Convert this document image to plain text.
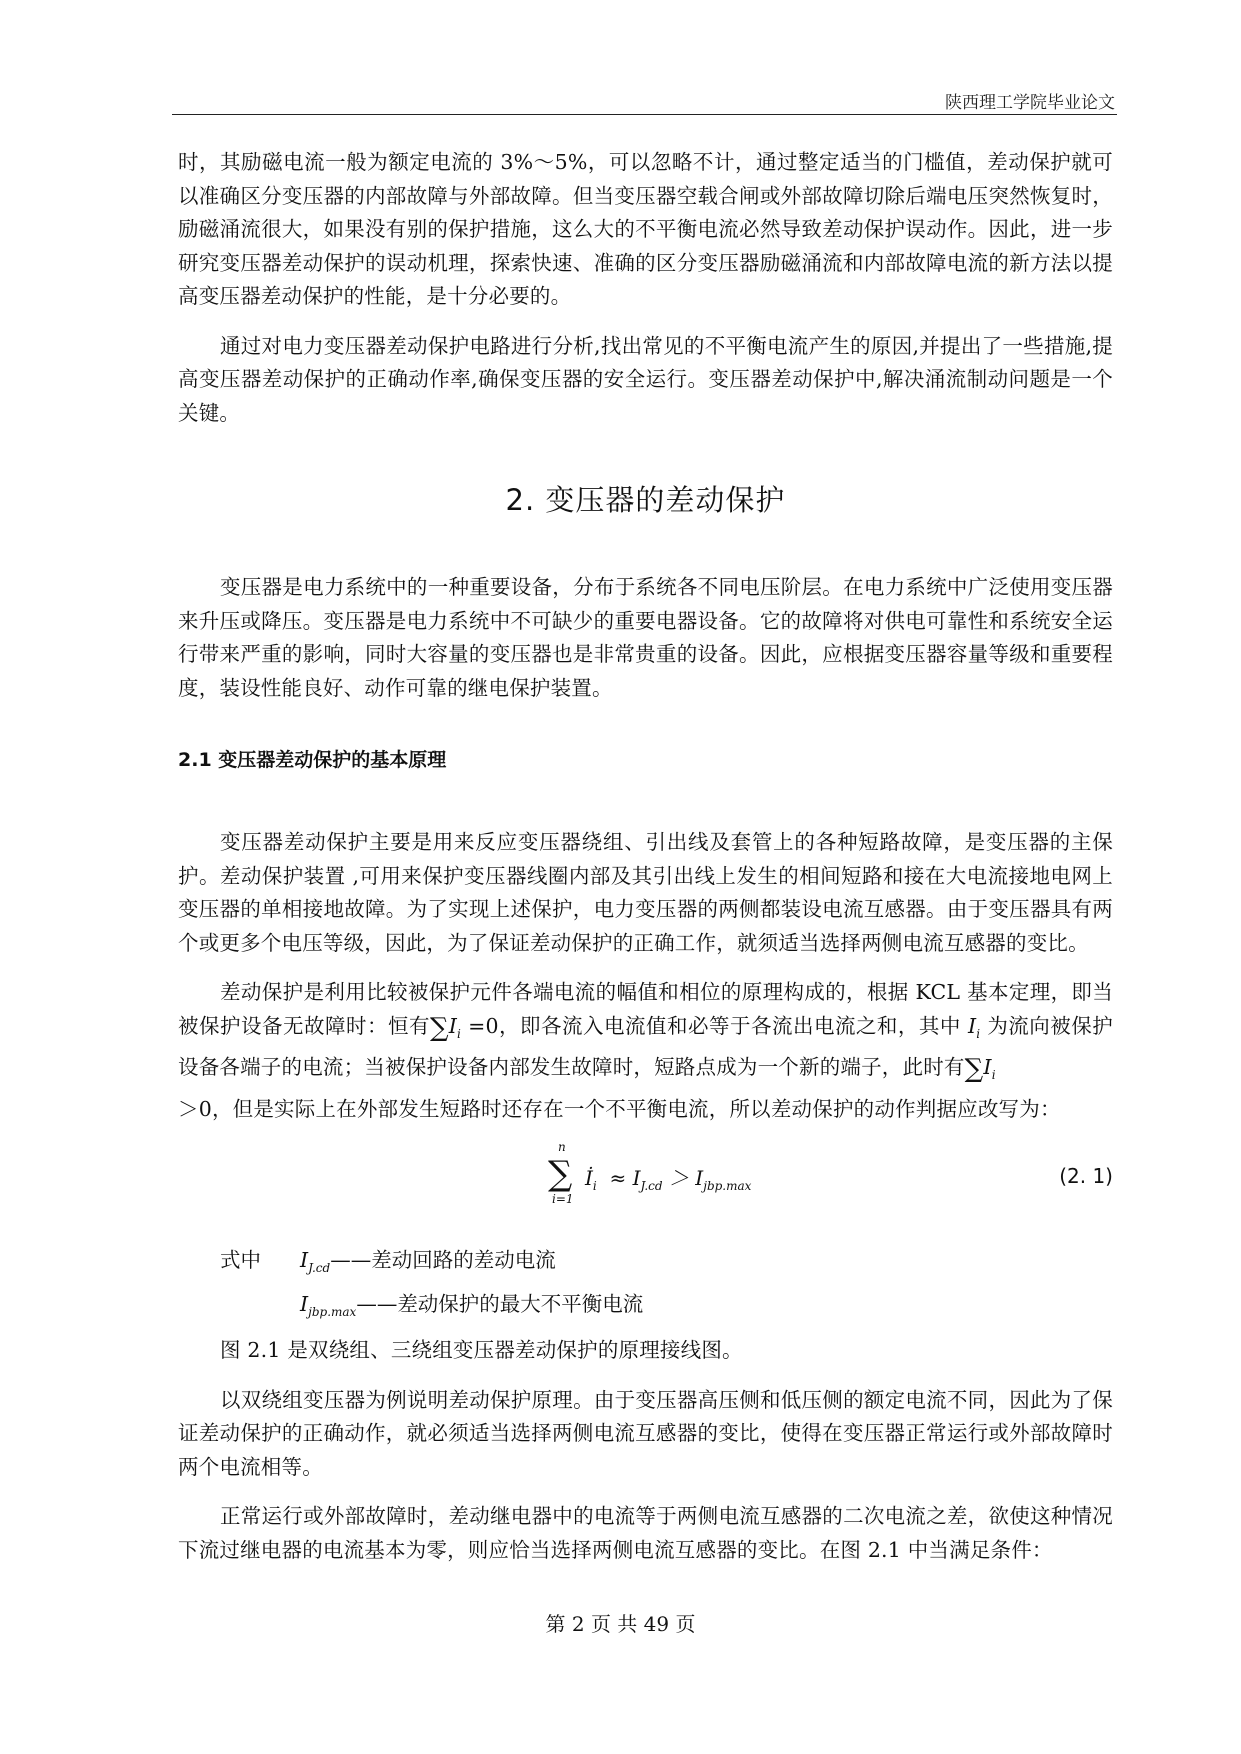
陕西理工学院毕业论文

时，其励磁电流一般为额定电流的 3%～5%，可以忽略不计，通过整定适当的门槛值，差动保护就可以准确区分变压器的内部故障与外部故障。但当变压器空载合闸或外部故障切除后端电压突然恢复时，励磁涌流很大，如果没有别的保护措施，这么大的不平衡电流必然导致差动保护误动作。因此，进一步研究变压器差动保护的误动机理，探索快速、准确的区分变压器励磁涌流和内部故障电流的新方法以提高变压器差动保护的性能，是十分必要的。

通过对电力变压器差动保护电路进行分析,找出常见的不平衡电流产生的原因,并提出了一些措施,提高变压器差动保护的正确动作率,确保变压器的安全运行。变压器差动保护中,解决涌流制动问题是一个关键。

2. 变压器的差动保护

变压器是电力系统中的一种重要设备，分布于系统各不同电压阶层。在电力系统中广泛使用变压器来升压或降压。变压器是电力系统中不可缺少的重要电器设备。它的故障将对供电可靠性和系统安全运行带来严重的影响，同时大容量的变压器也是非常贵重的设备。因此，应根据变压器容量等级和重要程度，装设性能良好、动作可靠的继电保护装置。

2.1 变压器差动保护的基本原理

变压器差动保护主要是用来反应变压器绕组、引出线及套管上的各种短路故障，是变压器的主保护。差动保护装置 ,可用来保护变压器线圈内部及其引出线上发生的相间短路和接在大电流接地电网上变压器的单相接地故障。为了实现上述保护，电力变压器的两侧都装设电流互感器。由于变压器具有两个或更多个电压等级，因此，为了保证差动保护的正确工作，就须适当选择两侧电流互感器的变比。

差动保护是利用比较被保护元件各端电流的幅值和相位的原理构成的，根据 KCL 基本定理，即当被保护设备无故障时：恒有$\sum I_i =0$，即各流入电流值和必等于各流出电流之和，其中 $I_i$ 为流向被保护设备各端子的电流；当被保护设备内部发生故障时，短路点成为一个新的端子，此时有$\sum I_i$
＞0，但是实际上在外部发生短路时还存在一个不平衡电流，所以差动保护的动作判据应改写为：

∑
n
i=1
$İ_i \approx I_{J.cd} > I_{jbp.max}$	(2. 1)
式中	$I_{J.cd}$ ——差动回路的差动电流
$I_{jbp.max}$ ——差动保护的最大不平衡电流

图 2.1 是双绕组、三绕组变压器差动保护的原理接线图。

以双绕组变压器为例说明差动保护原理。由于变压器高压侧和低压侧的额定电流不同，因此为了保证差动保护的正确动作，就必须适当选择两侧电流互感器的变比，使得在变压器正常运行或外部故障时两个电流相等。

正常运行或外部故障时，差动继电器中的电流等于两侧电流互感器的二次电流之差，欲使这种情况下流过继电器的电流基本为零，则应恰当选择两侧电流互感器的变比。在图 2.1 中当满足条件：

第 2 页 共 49 页
